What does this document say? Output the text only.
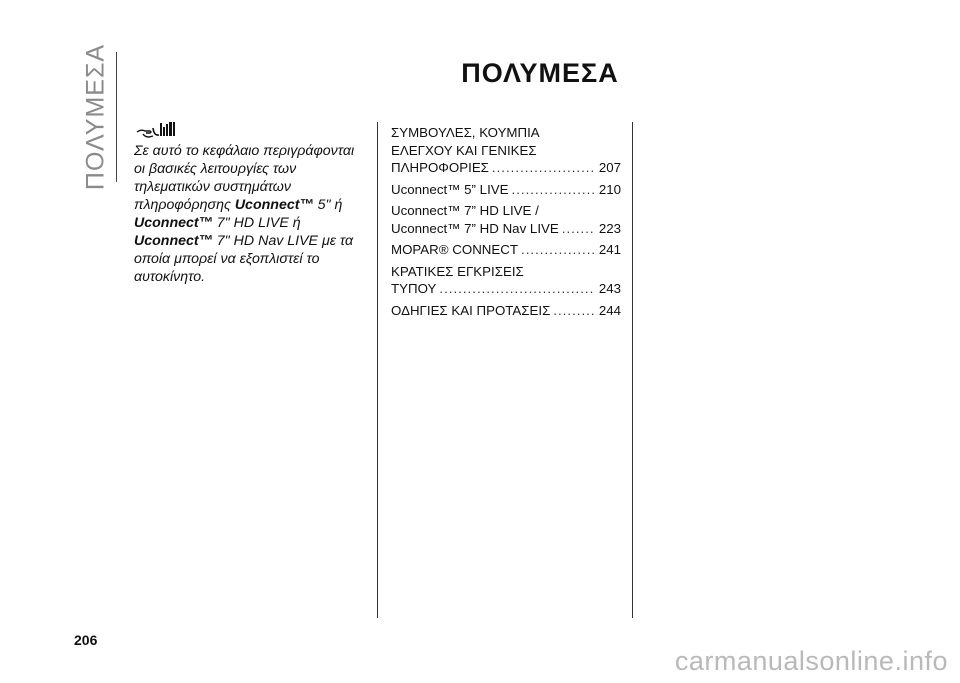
ΠΟΛΥΜΕΣΑ	ΠΟΛΥΜΕΣΑ
Σε αυτό το κεφάλαιο περιγράφονται οι βασικές λειτουργίες των τηλεματικών συστημάτων πληροφόρησης Uconnect™ 5" ή Uconnect™ 7" HD LIVE ή Uconnect™ 7" HD Nav LIVE με τα οποία μπορεί να εξοπλιστεί το αυτοκίνητο.
ΣΥΜΒΟΥΛΕΣ, ΚΟΥΜΠΙΑ
ΕΛΕΓΧΟΥ ΚΑΙ ΓΕΝΙΚΕΣ
ΠΛΗΡΟΦΟΡΙΕΣ .....	207
Uconnect™ 5” LIVE .....	210
Uconnect™ 7” HD LIVE /
Uconnect™ 7” HD Nav LIVE .....	223
MOPAR® CONNECT .....	241
ΚΡΑΤΙΚΕΣ ΕΓΚΡΙΣΕΙΣ
ΤΥΠΟΥ .....	243
ΟΔΗΓΙΕΣ ΚΑΙ ΠΡΟΤΑΣΕΙΣ .....	244
206
carmanualsonline.info
